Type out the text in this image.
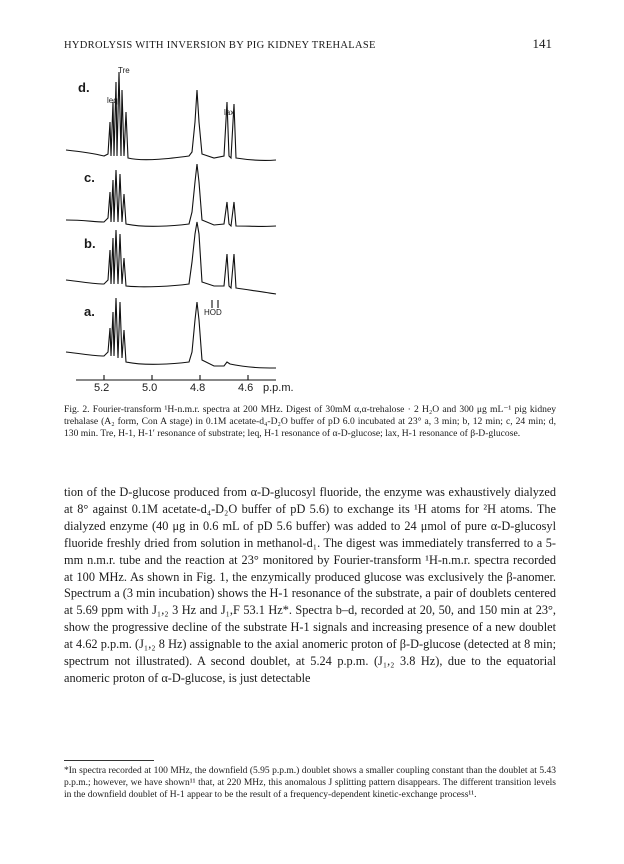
HYDROLYSIS WITH INVERSION BY PIG KIDNEY TREHALASE	141
d.
c.
b.
a.
Tre
leq
lax
HOD
5.2	5.0	4.8	4.6 p.p.m.
Fig. 2. Fourier-transform ¹H-n.m.r. spectra at 200 MHz. Digest of 30mM α,α-trehalose · 2 H₂O and 300 μg mL⁻¹ pig kidney trehalase (A₂ form, Con A stage) in 0.1M acetate-d₄-D₂O buffer of pD 6.0 incubated at 23° a, 3 min; b, 12 min; c, 24 min; d, 130 min. Tre, H-1, H-1′ resonance of substrate; leq, H-1 resonance of α-D-glucose; lax, H-1 resonance of β-D-glucose.

tion of the D-glucose produced from α-D-glucosyl fluoride, the enzyme was exhaustively dialyzed at 8° against 0.1M acetate-d₄-D₂O buffer of pD 5.6) to exchange its ¹H atoms for ²H atoms. The dialyzed enzyme (40 μg in 0.6 mL of pD 5.6 buffer) was added to 24 μmol of pure α-D-glucosyl fluoride freshly dried from solution in methanol-d₁. The digest was immediately transferred to a 5-mm n.m.r. tube and the reaction at 23° monitored by Fourier-transform ¹H-n.m.r. spectra recorded at 100 MHz. As shown in Fig. 1, the enzymically produced glucose was exclusively the β-anomer. Spectrum a (3 min incubation) shows the H-1 resonance of the substrate, a pair of doublets centered at 5.69 ppm with J₁,₂ 3 Hz and J₁,F 53.1 Hz*. Spectra b–d, recorded at 20, 50, and 150 min at 23°, show the progressive decline of the substrate H-1 signals and increasing presence of a new doublet at 4.62 p.p.m. (J₁,₂ 8 Hz) assignable to the axial anomeric proton of β-D-glucose (detected at 8 min; spectrum not illustrated). A second doublet, at 5.24 p.p.m. (J₁,₂ 3.8 Hz), due to the equatorial anomeric proton of α-D-glucose, is just detectable

*In spectra recorded at 100 MHz, the downfield (5.95 p.p.m.) doublet shows a smaller coupling constant than the doublet at 5.43 p.p.m.; however, we have shown¹¹ that, at 220 MHz, this anomalous J splitting pattern disappears. The different transition levels in the downfield doublet of H-1 appear to be the result of a frequency-dependent kinetic-exchange process¹¹.
